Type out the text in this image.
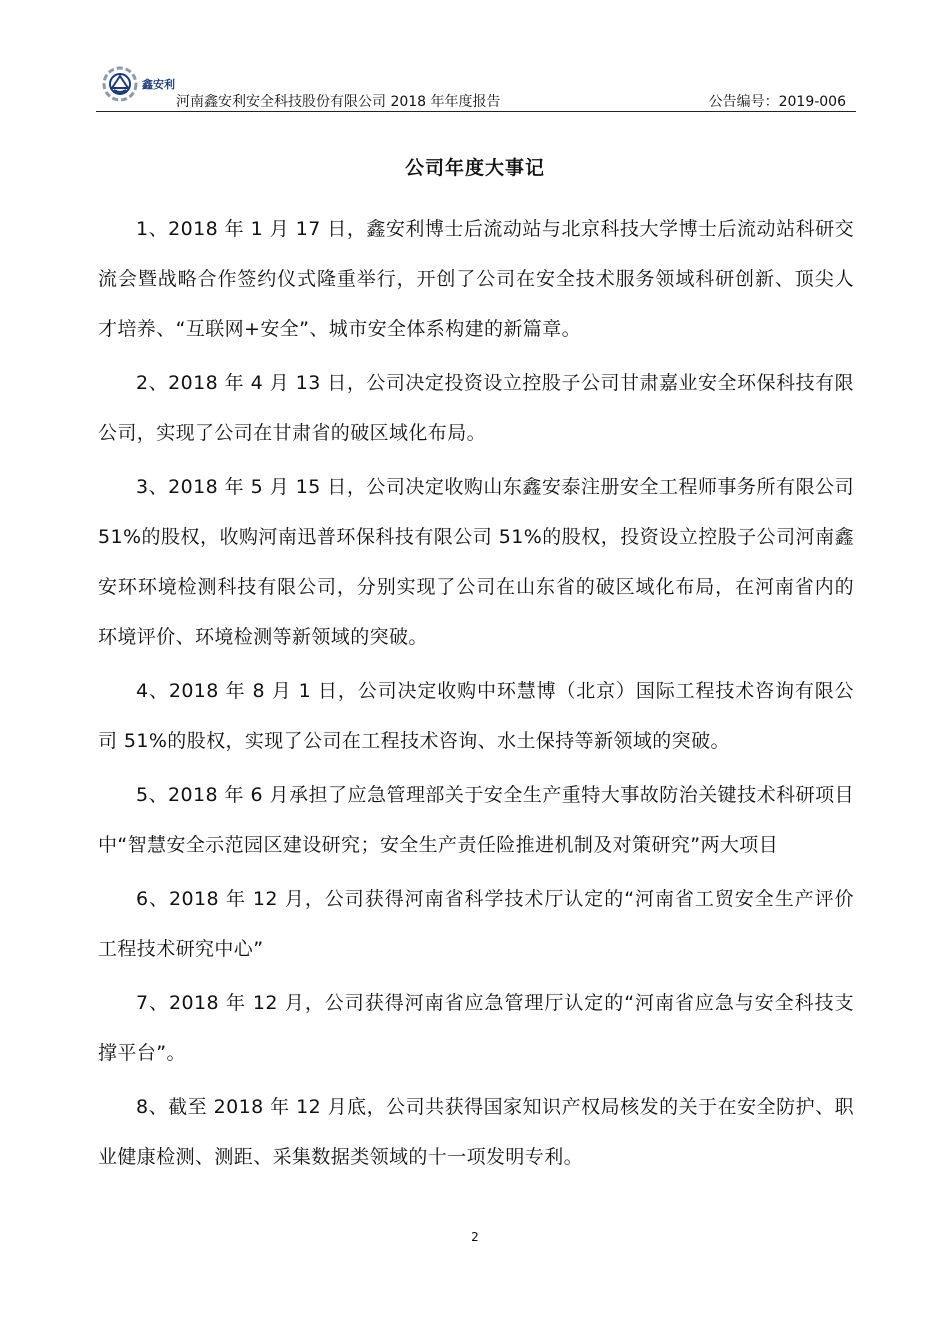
鑫安利
河南鑫安利安全科技股份有限公司 2018 年年度报告	公告编号：2019-006
公司年度大事记

1、2018 年 1 月 17 日，鑫安利博士后流动站与北京科技大学博士后流动站科研交流会暨战略合作签约仪式隆重举行，开创了公司在安全技术服务领域科研创新、顶尖人才培养、“互联网+安全”、城市安全体系构建的新篇章。

2、2018 年 4 月 13 日，公司决定投资设立控股子公司甘肃嘉业安全环保科技有限公司，实现了公司在甘肃省的破区域化布局。

3、2018 年 5 月 15 日，公司决定收购山东鑫安泰注册安全工程师事务所有限公司 51%的股权，收购河南迅普环保科技有限公司 51%的股权，投资设立控股子公司河南鑫安环环境检测科技有限公司，分别实现了公司在山东省的破区域化布局，在河南省内的环境评价、环境检测等新领域的突破。

4、2018 年 8 月 1 日，公司决定收购中环慧博（北京）国际工程技术咨询有限公司 51%的股权，实现了公司在工程技术咨询、水土保持等新领域的突破。

5、2018 年 6 月承担了应急管理部关于安全生产重特大事故防治关键技术科研项目中“智慧安全示范园区建设研究；安全生产责任险推进机制及对策研究”两大项目

6、2018 年 12 月，公司获得河南省科学技术厅认定的“河南省工贸安全生产评价工程技术研究中心”

7、2018 年 12 月，公司获得河南省应急管理厅认定的“河南省应急与安全科技支撑平台”。

8、截至 2018 年 12 月底，公司共获得国家知识产权局核发的关于在安全防护、职业健康检测、测距、采集数据类领域的十一项发明专利。

2
